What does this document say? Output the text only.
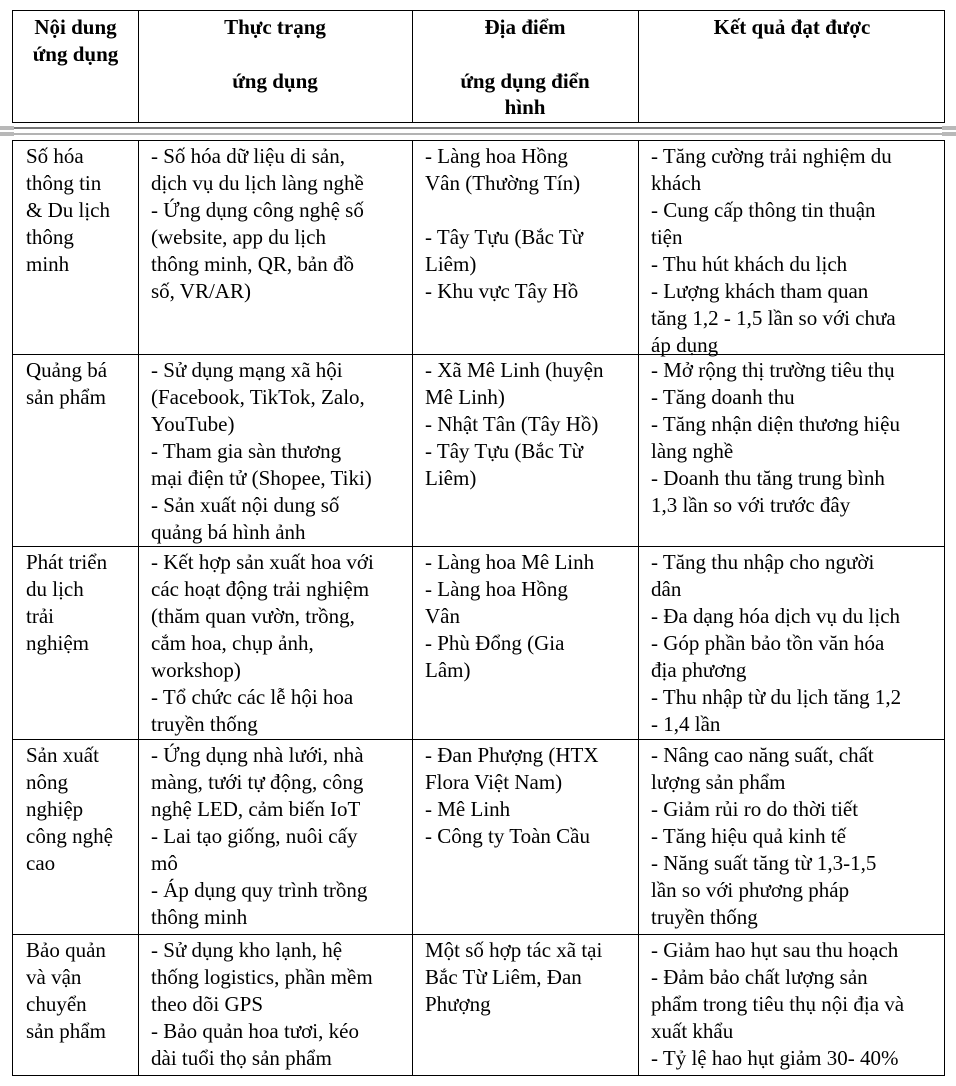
Nội dung
ứng dụng
Thực trạng
ứng dụng
Địa điểm
ứng dụng điển
hình
Kết quả đạt được
Số hóa
thông tin
& Du lịch
thông
minh
- Số hóa dữ liệu di sản,
dịch vụ du lịch làng nghề
- Ứng dụng công nghệ số
(website, app du lịch
thông minh, QR, bản đồ
số, VR/AR)
- Làng hoa Hồng
Vân (Thường Tín)

- Tây Tựu (Bắc Từ
Liêm)
- Khu vực Tây Hồ
- Tăng cường trải nghiệm du
khách
- Cung cấp thông tin thuận
tiện
- Thu hút khách du lịch
- Lượng khách tham quan
tăng 1,2 - 1,5 lần so với chưa
áp dụng
Quảng bá
sản phẩm
- Sử dụng mạng xã hội
(Facebook, TikTok, Zalo,
YouTube)
- Tham gia sàn thương
mại điện tử (Shopee, Tiki)
- Sản xuất nội dung số
quảng bá hình ảnh
- Xã Mê Linh (huyện
Mê Linh)
- Nhật Tân (Tây Hồ)
- Tây Tựu (Bắc Từ
Liêm)
- Mở rộng thị trường tiêu thụ
- Tăng doanh thu
- Tăng nhận diện thương hiệu
làng nghề
- Doanh thu tăng trung bình
1,3 lần so với trước đây
Phát triển
du lịch
trải
nghiệm
- Kết hợp sản xuất hoa với
các hoạt động trải nghiệm
(thăm quan vườn, trồng,
cắm hoa, chụp ảnh,
workshop)
- Tổ chức các lễ hội hoa
truyền thống
- Làng hoa Mê Linh
- Làng hoa Hồng
Vân
- Phù Đổng (Gia
Lâm)
- Tăng thu nhập cho người
dân
- Đa dạng hóa dịch vụ du lịch
- Góp phần bảo tồn văn hóa
địa phương
- Thu nhập từ du lịch tăng 1,2
- 1,4 lần
Sản xuất
nông
nghiệp
công nghệ
cao
- Ứng dụng nhà lưới, nhà
màng, tưới tự động, công
nghệ LED, cảm biến IoT
- Lai tạo giống, nuôi cấy
mô
- Áp dụng quy trình trồng
thông minh
- Đan Phượng (HTX
Flora Việt Nam)
- Mê Linh
- Công ty Toàn Cầu
- Nâng cao năng suất, chất
lượng sản phẩm
- Giảm rủi ro do thời tiết
- Tăng hiệu quả kinh tế
- Năng suất tăng từ 1,3-1,5
lần so với phương pháp
truyền thống
Bảo quản
và vận
chuyển
sản phẩm
- Sử dụng kho lạnh, hệ
thống logistics, phần mềm
theo dõi GPS
- Bảo quản hoa tươi, kéo
dài tuổi thọ sản phẩm
Một số hợp tác xã tại
Bắc Từ Liêm, Đan
Phượng
- Giảm hao hụt sau thu hoạch
- Đảm bảo chất lượng sản
phẩm trong tiêu thụ nội địa và
xuất khẩu
- Tỷ lệ hao hụt giảm 30- 40%
